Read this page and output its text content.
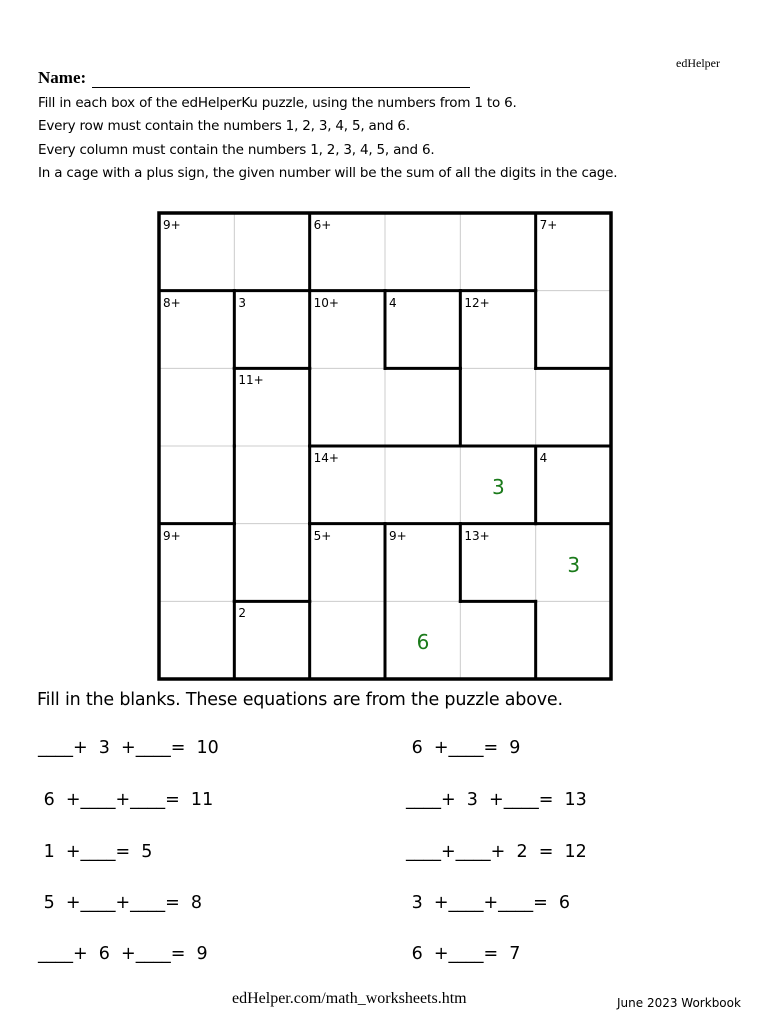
edHelper
Name:
Fill in each box of the edHelperKu puzzle, using the numbers from 1 to 6.
Every row must contain the numbers 1, 2, 3, 4, 5, and 6.
Every column must contain the numbers 1, 2, 3, 4, 5, and 6.
In a cage with a plus sign, the given number will be the sum of all the digits in the cage.
9+	6+	7+
8+	3	10+	4	12+
11+
14+	4
9+	5+	9+	13+
2
3
3
6
Fill in the blanks. These equations are from the puzzle above.
____+  3  +____=  10
6  +____+____=  11
1  +____=  5
5  +____+____=  8
____+  6  +____=  9
6  +____=  9
____+  3  +____=  13
____+____+  2  =  12
3  +____+____=  6
6  +____=  7
edHelper.com/math_worksheets.htm	June 2023 Workbook
